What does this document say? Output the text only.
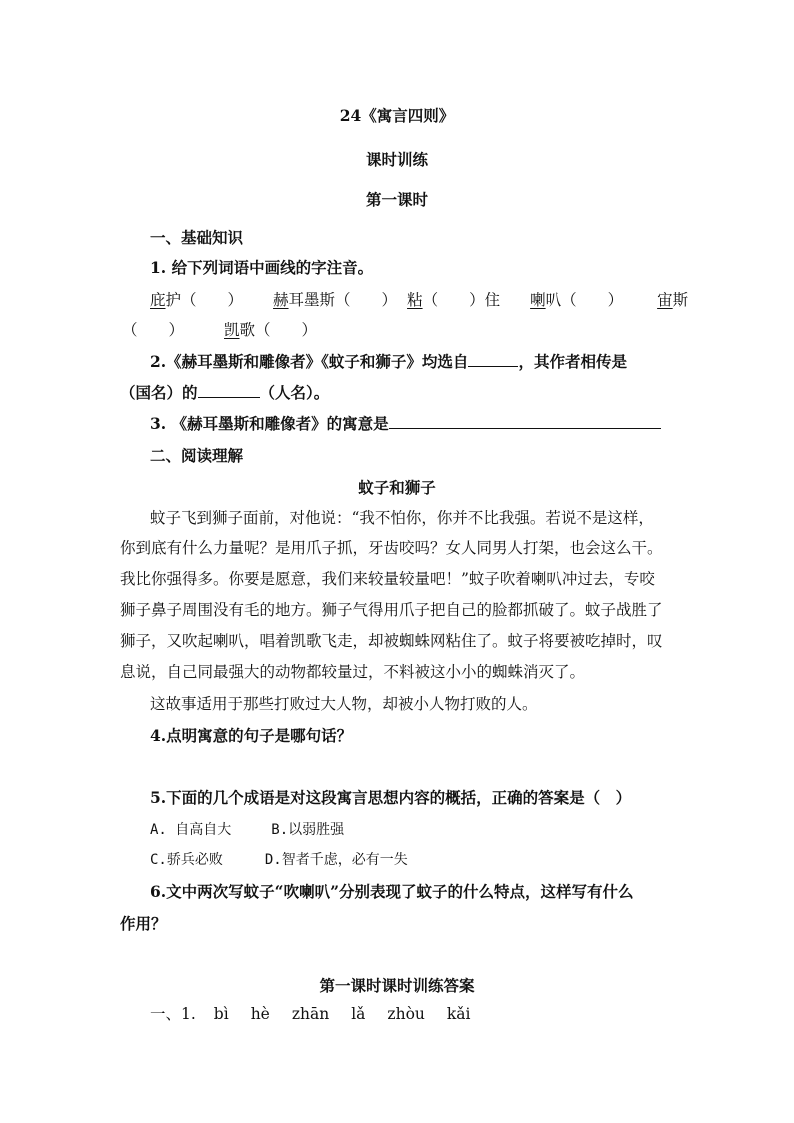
24《寓言四则》
课时训练
第一课时
一、基础知识
1. 给下列词语中画线的字注音。
庇护（　　） 赫耳墨斯（　　） 粘（　　）住 喇叭（　　） 宙斯
（　　）	凯歌（　　）
2.《赫耳墨斯和雕像者》《蚊子和狮子》均选自	，其作者相传是
（国名）的	（人名）。
3. 《赫耳墨斯和雕像者》的寓意是
二、阅读理解
蚊子和狮子
蚊子飞到狮子面前，对他说：“我不怕你，你并不比我强。若说不是这样，
你到底有什么力量呢？是用爪子抓，牙齿咬吗？女人同男人打架，也会这么干。
我比你强得多。你要是愿意，我们来较量较量吧！”蚊子吹着喇叭冲过去，专咬
狮子鼻子周围没有毛的地方。狮子气得用爪子把自己的脸都抓破了。蚊子战胜了
狮子，又吹起喇叭，唱着凯歌飞走，却被蜘蛛网粘住了。蚊子将要被吃掉时，叹
息说，自己同最强大的动物都较量过，不料被这小小的蜘蛛消灭了。
这故事适用于那些打败过大人物，却被小人物打败的人。
4.点明寓意的句子是哪句话？
5.下面的几个成语是对这段寓言思想内容的概括，正确的答案是（　）
A. 自高自大	B.以弱胜强
C.骄兵必败	D.智者千虑，必有一失
6.文中两次写蚊子“吹喇叭”分别表现了蚊子的什么特点，这样写有什么
作用？
第一课时课时训练答案
一、1. bì hè zhān lǎ zhòu kǎi
